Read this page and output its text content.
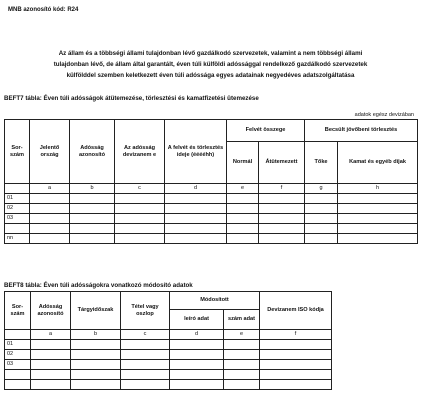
MNB azonosító kód: R24
Az állam és a többségi állami tulajdonban lévő gazdálkodó szervezetek, valamint a nem többségi állami
tulajdonban lévő, de állam által garantált, éven túli külföldi adóssággal rendelkező gazdálkodó szervezetek
külfölddel szemben keletkezett éven túli adóssága egyes adatainak negyedéves adatszolgáltatása
BEFT7 tábla: Éven túli adósságok átütemezése, törlesztési és kamatfizetési ütemezése
adatok egész devizában
Sor-szám	Jelentő ország	Adósság azonosító	Az adósság devizanem e	A felvét és törlesztés ideje (ééééhh)	Felvét összege		Becsült jövőbeni törlesztés	
					Normál	Átütemezett	Tőke	Kamat és egyéb díjak
	a	b	c	d	e	f	g	h
01								
02								
03								

nn								
BEFT8 tábla: Éven túli adósságokra vonatkozó módosító adatok
Sor-szám	Adósság azonosító	Tárgyidőszak	Tétel vagy oszlop	Módosított		Devizanem ISO kódja
				leíró adat	szám adat	
	a	b	c	d	e	f
01						
02						
03						
